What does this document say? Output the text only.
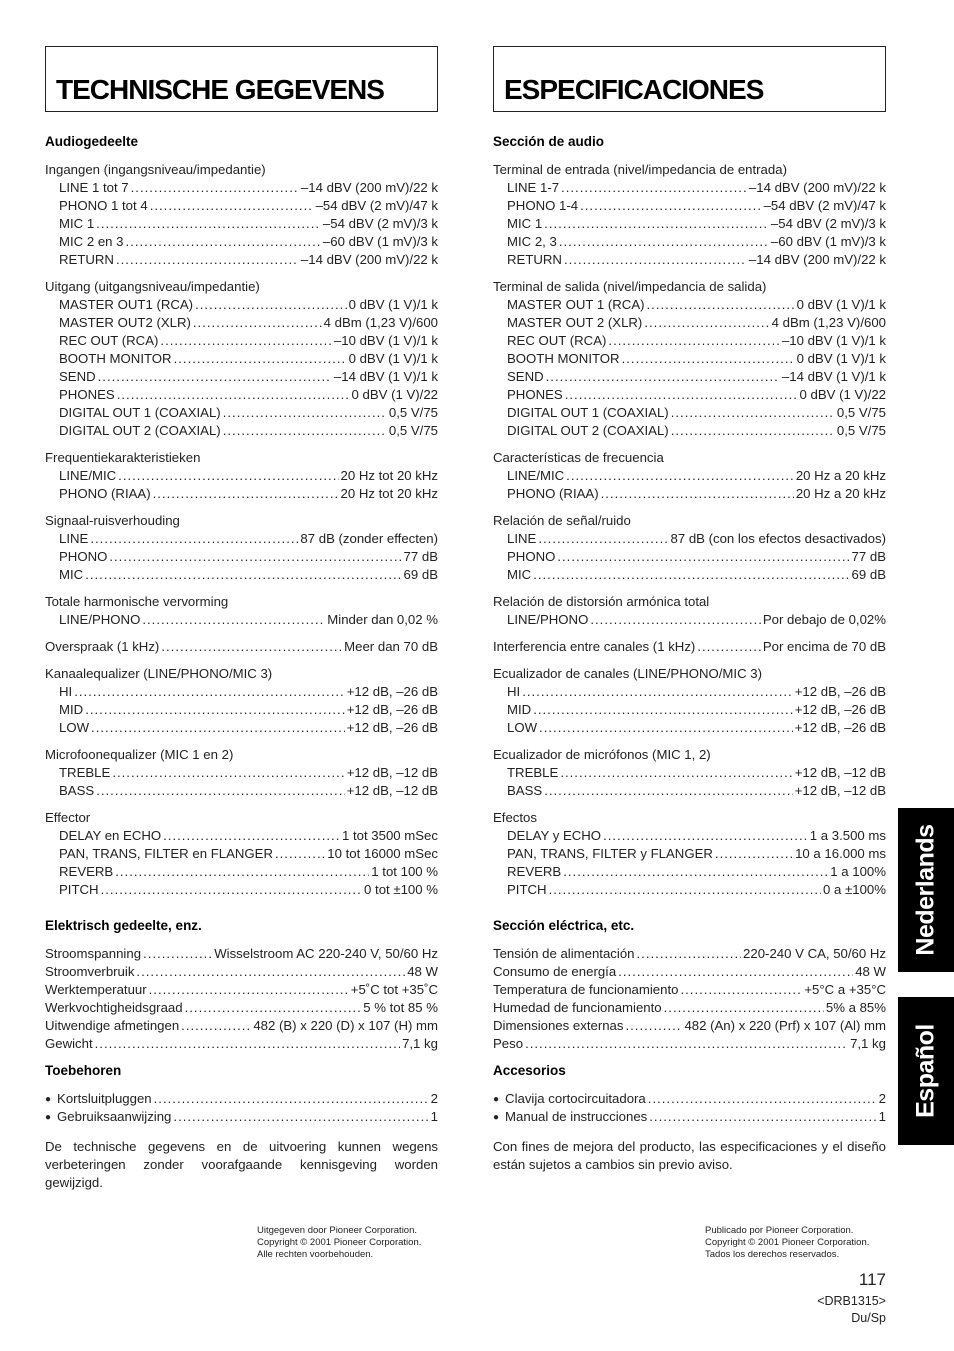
TECHNISCHE GEGEVENS
Audiogedeelte
Ingangen (ingangsniveau/impedantie)
LINE 1 tot 7 .....	–14 dBV (200 mV)/22 k
PHONO 1 tot 4 .....	–54 dBV (2 mV)/47 k
MIC 1 .....	–54 dBV (2 mV)/3 k
MIC 2 en 3 .....	–60 dBV (1 mV)/3 k
RETURN .....	–14 dBV (200 mV)/22 k
Uitgang (uitgangsniveau/impedantie)
MASTER OUT1 (RCA) .....	0 dBV (1 V)/1 k
MASTER OUT2 (XLR) .....	4 dBm (1,23 V)/600
REC OUT (RCA) .....	–10 dBV (1 V)/1 k
BOOTH MONITOR .....	0 dBV (1 V)/1 k
SEND .....	–14 dBV (1 V)/1 k
PHONES .....	0 dBV (1 V)/22
DIGITAL OUT 1 (COAXIAL) .....	0,5 V/75
DIGITAL OUT 2 (COAXIAL) .....	0,5 V/75
Frequentiekarakteristieken
LINE/MIC .....	20 Hz tot 20 kHz
PHONO (RIAA) .....	20 Hz tot 20 kHz
Signaal-ruisverhouding
LINE .....	87 dB (zonder effecten)
PHONO .....	77 dB
MIC .....	69 dB
Totale harmonische vervorming
LINE/PHONO .....	Minder dan 0,02 %
Overspraak (1 kHz) .....	Meer dan 70 dB
Kanaalequalizer (LINE/PHONO/MIC 3)
HI .....	+12 dB, –26 dB
MID .....	+12 dB, –26 dB
LOW .....	+12 dB, –26 dB
Microfoonequalizer (MIC 1 en 2)
TREBLE .....	+12 dB, –12 dB
BASS .....	+12 dB, –12 dB
Effector
DELAY en ECHO .....	1 tot 3500 mSec
PAN, TRANS, FILTER en FLANGER .....	10 tot 16000 mSec
REVERB .....	1 tot 100 %
PITCH .....	0 tot ±100 %
Elektrisch gedeelte, enz.
Stroomspanning .....	Wisselstroom AC 220-240 V, 50/60 Hz
Stroomverbruik .....	48 W
Werktemperatuur .....	+5˚C tot +35˚C
Werkvochtigheidsgraad .....	5 % tot 85 %
Uitwendige afmetingen .....	482 (B) x 220 (D) x 107 (H) mm
Gewicht .....	7,1 kg
Toebehoren
● Kortsluitpluggen .....	2
● Gebruiksaanwijzing .....	1
De technische gegevens en de uitvoering kunnen wegens verbeteringen zonder voorafgaande kennisgeving worden gewijzigd.
ESPECIFICACIONES
Sección de audio
Terminal de entrada (nivel/impedancia de entrada)
LINE 1-7 .....	–14 dBV (200 mV)/22 k
PHONO 1-4 .....	–54 dBV (2 mV)/47 k
MIC 1 .....	–54 dBV (2 mV)/3 k
MIC 2, 3 .....	–60 dBV (1 mV)/3 k
RETURN .....	–14 dBV (200 mV)/22 k
Terminal de salida (nivel/impedancia de salida)
MASTER OUT 1 (RCA) .....	0 dBV (1 V)/1 k
MASTER OUT 2 (XLR) .....	4 dBm (1,23 V)/600
REC OUT (RCA) .....	–10 dBV (1 V)/1 k
BOOTH MONITOR .....	0 dBV (1 V)/1 k
SEND .....	–14 dBV (1 V)/1 k
PHONES .....	0 dBV (1 V)/22
DIGITAL OUT 1 (COAXIAL) .....	0,5 V/75
DIGITAL OUT 2 (COAXIAL) .....	0,5 V/75
Características de frecuencia
LINE/MIC .....	20 Hz a 20 kHz
PHONO (RIAA) .....	20 Hz a 20 kHz
Relación de señal/ruido
LINE .....	87 dB (con los efectos desactivados)
PHONO .....	77 dB
MIC .....	69 dB
Relación de distorsión armónica total
LINE/PHONO .....	Por debajo de 0,02%
Interferencia entre canales (1 kHz) .....	Por encima de 70 dB
Ecualizador de canales (LINE/PHONO/MIC 3)
HI .....	+12 dB, –26 dB
MID .....	+12 dB, –26 dB
LOW .....	+12 dB, –26 dB
Ecualizador de micrófonos (MIC 1, 2)
TREBLE .....	+12 dB, –12 dB
BASS .....	+12 dB, –12 dB
Efectos
DELAY y ECHO .....	1 a 3.500 ms
PAN, TRANS, FILTER y FLANGER .....	10 a 16.000 ms
REVERB .....	1 a 100%
PITCH .....	0 a ±100%
Sección eléctrica, etc.
Tensión de alimentación .....	220-240 V CA, 50/60 Hz
Consumo de energía .....	48 W
Temperatura de funcionamiento .....	+5°C a +35°C
Humedad de funcionamiento .....	5% a 85%
Dimensiones externas .....	482 (An) x 220 (Prf) x 107 (Al) mm
Peso .....	7,1 kg
Accesorios
● Clavija cortocircuitadora .....	2
● Manual de instrucciones .....	1
Con fines de mejora del producto, las especificaciones y el diseño están sujetos a cambios sin previo aviso.
Uitgegeven door Pioneer Corporation.
Copyright © 2001 Pioneer Corporation.
Alle rechten voorbehouden.
Publicado por Pioneer Corporation.
Copyright © 2001 Pioneer Corporation.
Tados los derechos reservados.
117
<DRB1315>
Du/Sp
Nederlands
Español
